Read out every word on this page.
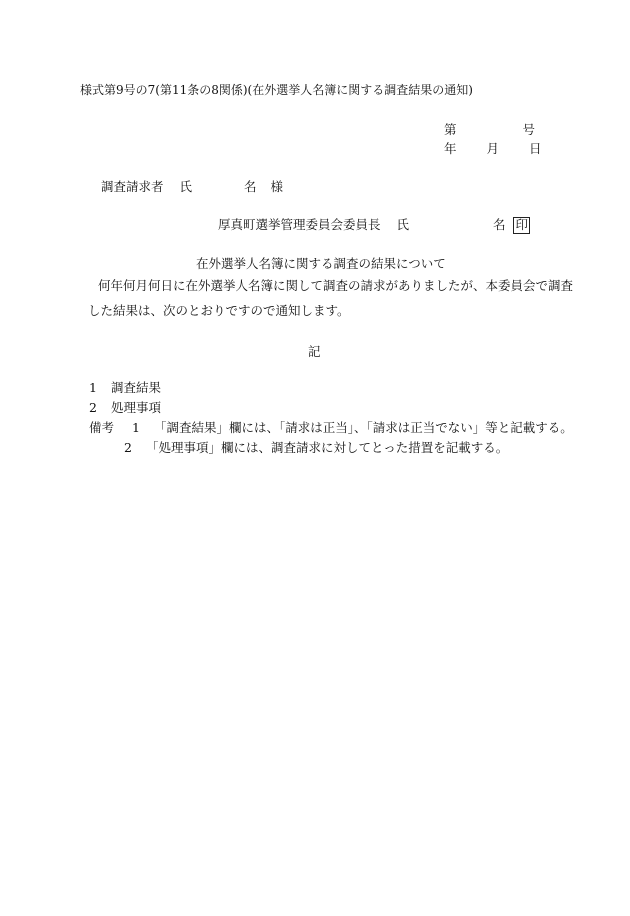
様式第9号の7(第11条の8関係)(在外選挙人名簿に関する調査結果の通知)
第	号
年 月 日
調査請求者 氏	名 様
厚真町選挙管理委員会委員長 氏	名 印
在外選挙人名簿に関する調査の結果について
何年何月何日に在外選挙人名簿に関して調査の請求がありましたが、本委員会で調査
した結果は、次のとおりですので通知します。
記
1 調査結果
2 処理事項
備考 1 「調査結果」欄には、「請求は正当」、「請求は正当でない」等と記載する。
2 「処理事項」欄には、調査請求に対してとった措置を記載する。
